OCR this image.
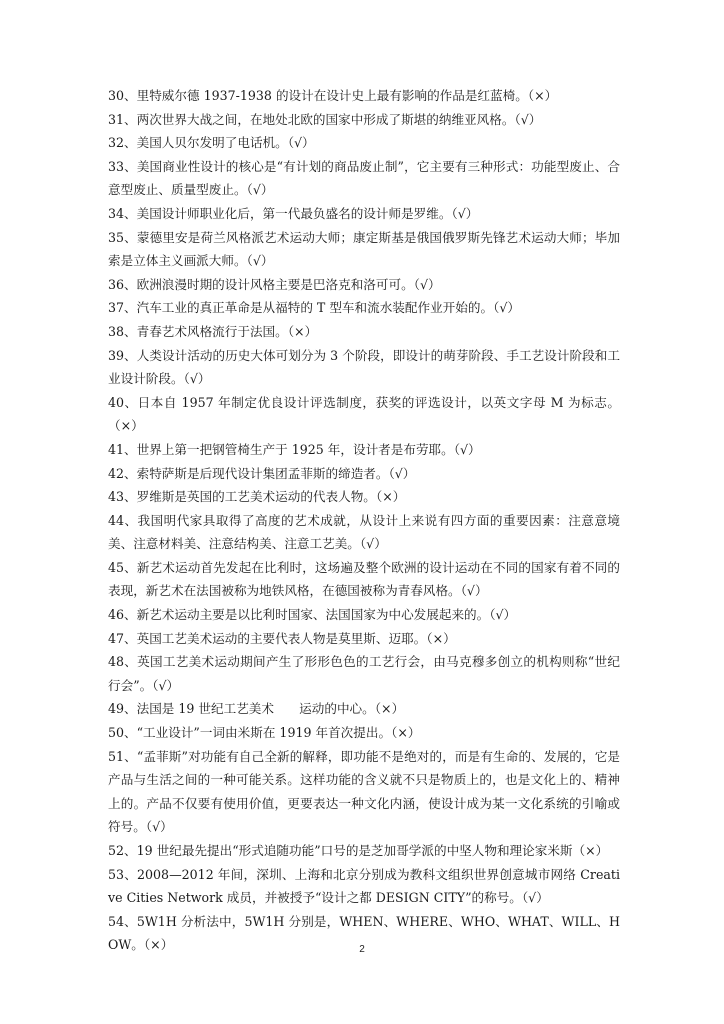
30、里特威尔德 1937-1938 的设计在设计史上最有影响的作品是红蓝椅。（×）

31、两次世界大战之间，在地处北欧的国家中形成了斯堪的纳维亚风格。（√）

32、美国人贝尔发明了电话机。（√）

33、美国商业性设计的核心是“有计划的商品废止制”，它主要有三种形式：功能型废止、合意型废止、质量型废止。（√）

34、美国设计师职业化后，第一代最负盛名的设计师是罗维。（√）

35、蒙德里安是荷兰风格派艺术运动大师；康定斯基是俄国俄罗斯先锋艺术运动大师；毕加索是立体主义画派大师。（√）

36、欧洲浪漫时期的设计风格主要是巴洛克和洛可可。（√）

37、汽车工业的真正革命是从福特的 T 型车和流水装配作业开始的。（√）

38、青春艺术风格流行于法国。（×）

39、人类设计活动的历史大体可划分为 3 个阶段，即设计的萌芽阶段、手工艺设计阶段和工业设计阶段。（√）

40、日本自 1957 年制定优良设计评选制度，获奖的评选设计，以英文字母 M 为标志。（×）

41、世界上第一把钢管椅生产于 1925 年，设计者是布劳耶。（√）

42、索特萨斯是后现代设计集团孟菲斯的缔造者。（√）

43、罗维斯是英国的工艺美术运动的代表人物。（×）

44、我国明代家具取得了高度的艺术成就，从设计上来说有四方面的重要因素：注意意境美、注意材料美、注意结构美、注意工艺美。（√）

45、新艺术运动首先发起在比利时，这场遍及整个欧洲的设计运动在不同的国家有着不同的表现，新艺术在法国被称为地铁风格，在德国被称为青春风格。（√）

46、新艺术运动主要是以比利时国家、法国国家为中心发展起来的。（√）

47、英国工艺美术运动的主要代表人物是莫里斯、迈耶。（×）

48、英国工艺美术运动期间产生了形形色色的工艺行会，由马克穆多创立的机构则称“世纪行会”。（√）

49、法国是 19 世纪工艺美术　　运动的中心。（×）

50、“工业设计”一词由米斯在 1919 年首次提出。（×）

51、“孟菲斯”对功能有自己全新的解释，即功能不是绝对的，而是有生命的、发展的，它是产品与生活之间的一种可能关系。这样功能的含义就不只是物质上的，也是文化上的、精神上的。产品不仅要有使用价值，更要表达一种文化内涵，使设计成为某一文化系统的引喻或符号。（√）

52、19 世纪最先提出“形式追随功能”口号的是芝加哥学派的中坚人物和理论家米斯（×）

53、2008—2012 年间，深圳、上海和北京分别成为教科文组织世界创意城市网络 Creative Cities Network 成员，并被授予“设计之都 DESIGN CITY”的称号。（√）

54、5W1H 分析法中，5W1H 分别是，WHEN、WHERE、WHO、WHAT、WILL、HOW。（×）	2
